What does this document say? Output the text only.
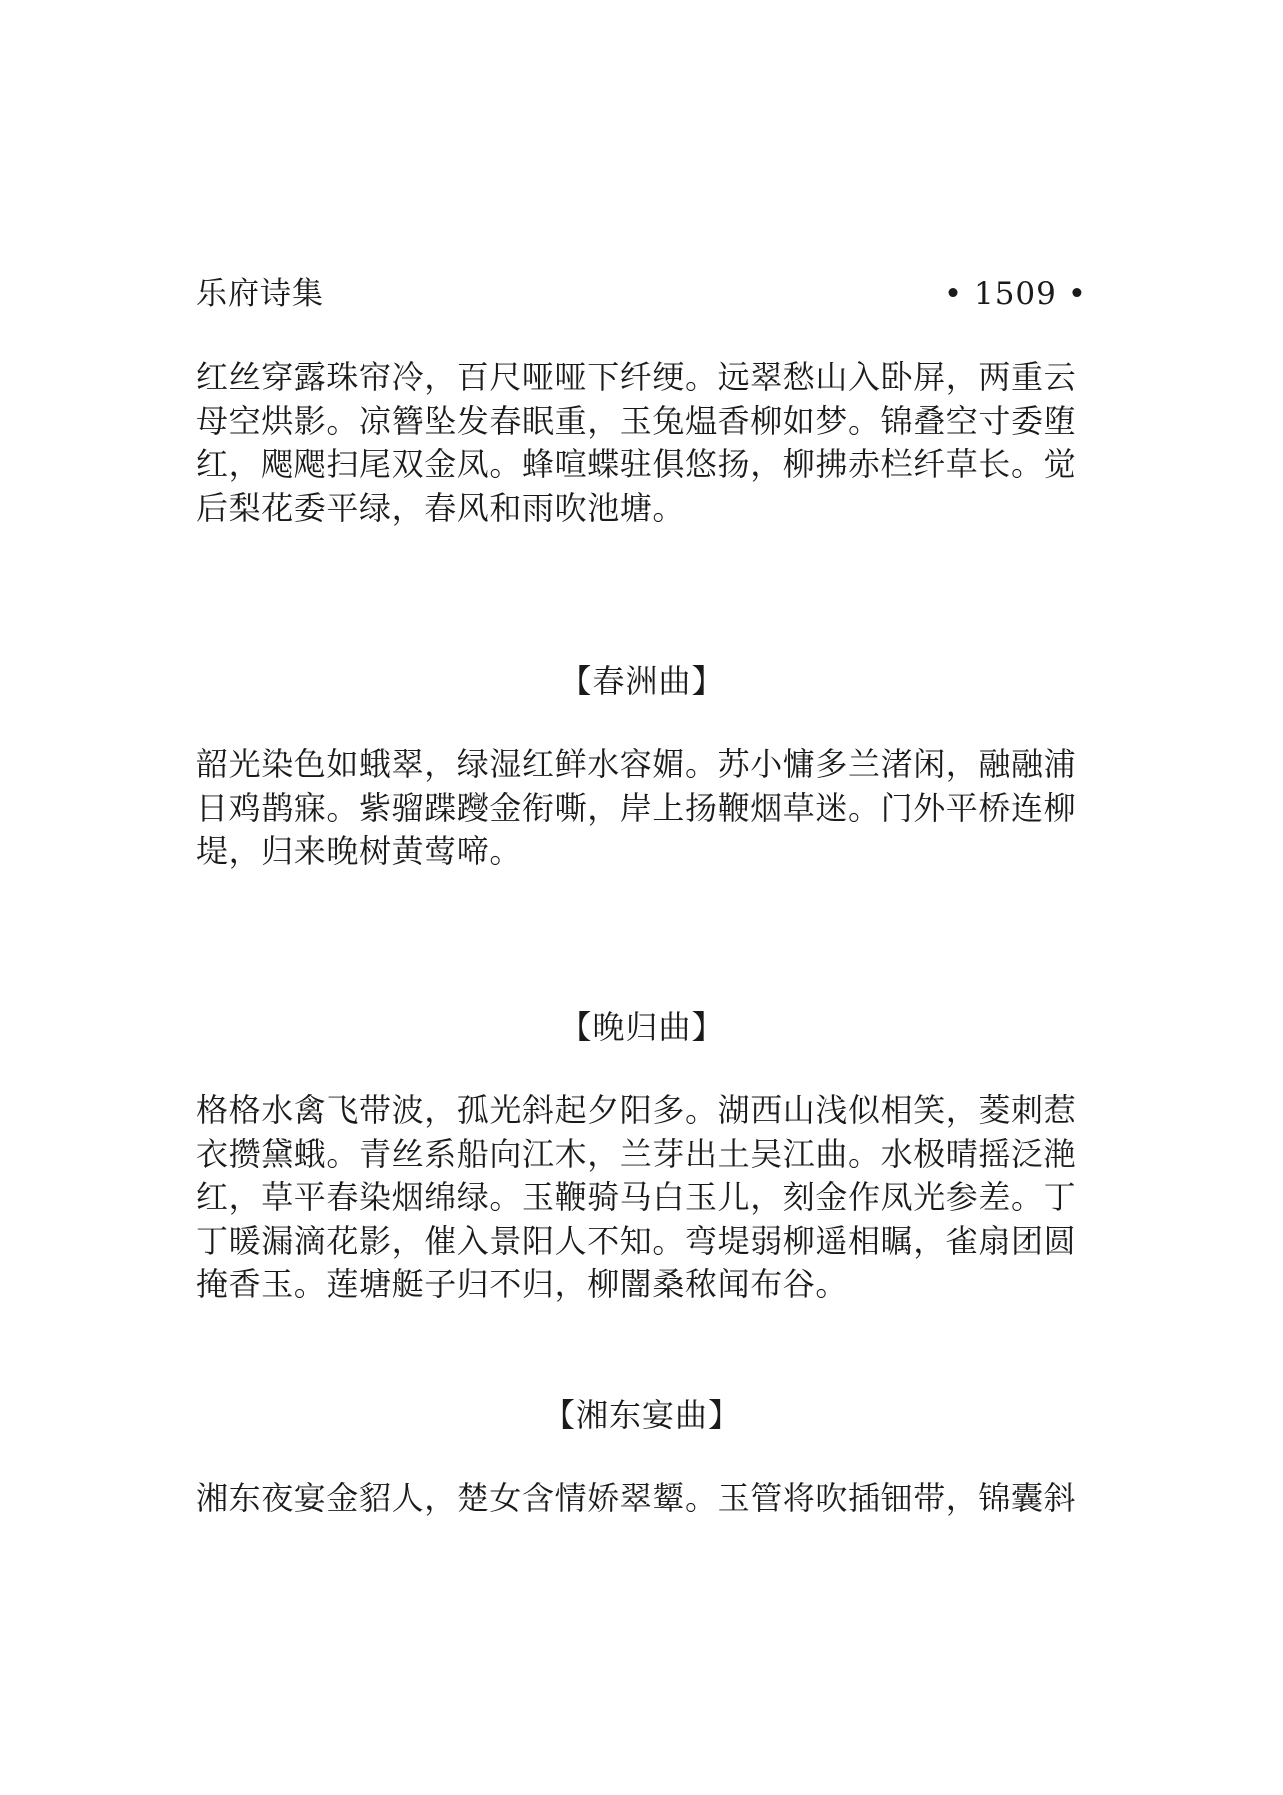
乐府诗集	• 1509 •
红丝穿露珠帘冷，百尺哑哑下纤绠。远翠愁山入卧屏，两重云
母空烘影。凉簪坠发春眠重，玉兔煴香柳如梦。锦叠空寸委堕
红，飔飔扫尾双金凤。蜂喧蝶驻俱悠扬，柳拂赤栏纤草长。觉
后梨花委平绿，春风和雨吹池塘。
【春洲曲】
韶光染色如蛾翠，绿湿红鲜水容媚。苏小慵多兰渚闲，融融浦
日鸡鹊寐。紫骝蹀躞金衔嘶，岸上扬鞭烟草迷。门外平桥连柳
堤，归来晚树黄莺啼。
【晚归曲】
格格水禽飞带波，孤光斜起夕阳多。湖西山浅似相笑，菱刺惹
衣攒黛蛾。青丝系船向江木，兰芽出土吴江曲。水极晴摇泛滟
红，草平春染烟绵绿。玉鞭骑马白玉儿，刻金作凤光参差。丁
丁暖漏滴花影，催入景阳人不知。弯堤弱柳遥相瞩，雀扇团圆
掩香玉。莲塘艇子归不归，柳闇桑秾闻布谷。
【湘东宴曲】
湘东夜宴金貂人，楚女含情娇翠颦。玉管将吹插钿带，锦囊斜
